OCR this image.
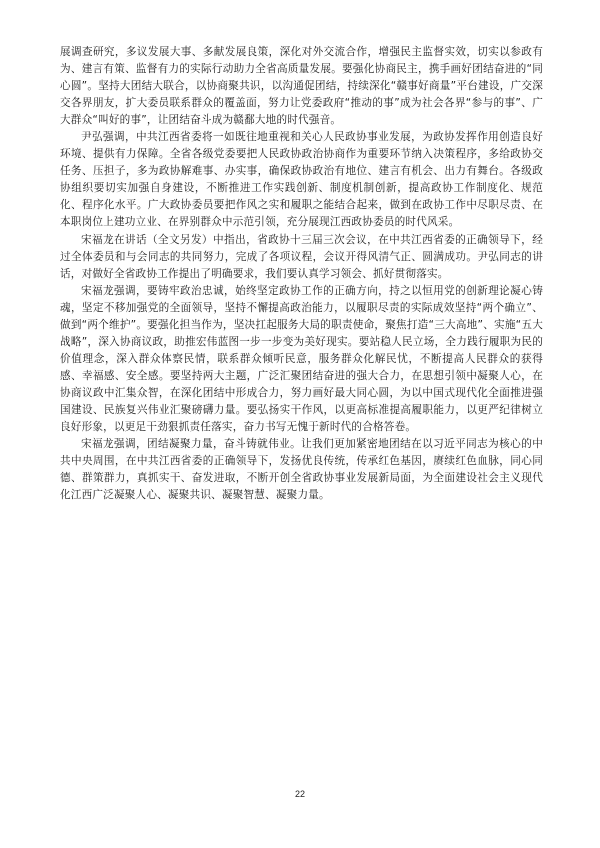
展调查研究，多议发展大事、多献发展良策，深化对外交流合作，增强民主监督实效，切实以参政有为、建言有策、监督有力的实际行动助力全省高质量发展。要强化协商民主，携手画好团结奋进的“同心圆”。坚持大团结大联合，以协商聚共识，以沟通促团结，持续深化“赣事好商量”平台建设，广交深交各界朋友，扩大委员联系群众的覆盖面，努力让党委政府“推动的事”成为社会各界“参与的事”、广大群众“叫好的事”，让团结奋斗成为赣鄱大地的时代强音。

尹弘强调，中共江西省委将一如既往地重视和关心人民政协事业发展，为政协发挥作用创造良好环境、提供有力保障。全省各级党委要把人民政协政治协商作为重要环节纳入决策程序，多给政协交任务、压担子，多为政协解难事、办实事，确保政协政治有地位、建言有机会、出力有舞台。各级政协组织要切实加强自身建设，不断推进工作实践创新、制度机制创新，提高政协工作制度化、规范化、程序化水平。广大政协委员要把作风之实和履职之能结合起来，做到在政协工作中尽职尽责、在本职岗位上建功立业、在界别群众中示范引领，充分展现江西政协委员的时代风采。

宋福龙在讲话（全文另发）中指出，省政协十三届三次会议，在中共江西省委的正确领导下，经过全体委员和与会同志的共同努力，完成了各项议程，会议开得风清气正、圆满成功。尹弘同志的讲话，对做好全省政协工作提出了明确要求，我们要认真学习领会、抓好贯彻落实。

宋福龙强调，要铸牢政治忠诚，始终坚定政协工作的正确方向，持之以恒用党的创新理论凝心铸魂，坚定不移加强党的全面领导，坚持不懈提高政治能力，以履职尽责的实际成效坚持“两个确立”、做到“两个维护”。要强化担当作为，坚决扛起服务大局的职责使命，聚焦打造“三大高地”、实施“五大战略”，深入协商议政，助推宏伟蓝图一步一步变为美好现实。要站稳人民立场，全力践行履职为民的价值理念，深入群众体察民情，联系群众倾听民意，服务群众化解民忧，不断提高人民群众的获得感、幸福感、安全感。要坚持两大主题，广泛汇聚团结奋进的强大合力，在思想引领中凝聚人心，在协商议政中汇集众智，在深化团结中形成合力，努力画好最大同心圆，为以中国式现代化全面推进强国建设、民族复兴伟业汇聚磅礴力量。要弘扬实干作风，以更高标准提高履职能力，以更严纪律树立良好形象，以更足干劲狠抓责任落实，奋力书写无愧于新时代的合格答卷。

宋福龙强调，团结凝聚力量，奋斗铸就伟业。让我们更加紧密地团结在以习近平同志为核心的中共中央周围，在中共江西省委的正确领导下，发扬优良传统，传承红色基因，赓续红色血脉，同心同德、群策群力，真抓实干、奋发进取，不断开创全省政协事业发展新局面，为全面建设社会主义现代化江西广泛凝聚人心、凝聚共识、凝聚智慧、凝聚力量。

22
